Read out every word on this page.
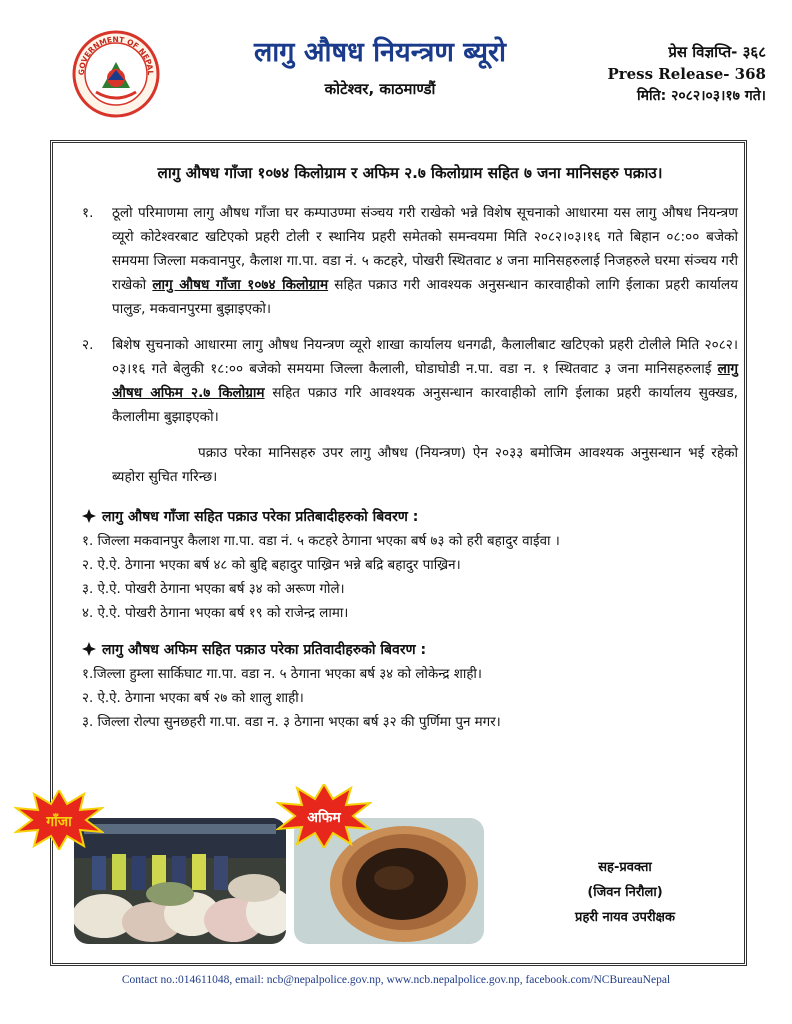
GOVERNMENT OF NEPAL
लागु औषध नियन्त्रण ब्यूरो
कोटेश्वर, काठमाण्डौं
प्रेस विज्ञप्ति- ३६८
Press Release- 368
मिति: २०८२।०३।१७ गते।
लागु औषध गाँजा १०७४ किलोग्राम र अफिम २.७ किलोग्राम सहित ७ जना मानिसहरु पक्राउ।
१.	ठूलो परिमाणमा लागु औषध गाँजा घर कम्पाउण्मा संञ्चय गरी राखेको भन्ने विशेष सूचनाको आधारमा यस लागु औषध नियन्त्रण व्यूरो कोटेश्वरबाट खटिएको प्रहरी टोली र स्थानिय प्रहरी समेतको समन्वयमा मिति २०८२।०३।१६ गते बिहान ०८:०० बजेको समयमा जिल्ला मकवानपुर, कैलाश गा.पा. वडा नं. ५ कटहरे, पोखरी स्थितवाट ४ जना मानिसहरुलाई निजहरुले घरमा संञ्चय गरी राखेको लागु औषध गाँजा १०७४ किलोग्राम सहित पक्राउ गरी आवश्यक अनुसन्धान कारवाहीको लागि ईलाका प्रहरी कार्यालय पालुङ, मकवानपुरमा बुझाइएको।
२.	बिशेष सुचनाको आधारमा लागु औषध नियन्त्रण व्यूरो शाखा कार्यालय धनगढी, कैलालीबाट खटिएको प्रहरी टोलीले मिति २०८२।०३।१६ गते बेलुकी १८:०० बजेको समयमा जिल्ला कैलाली, घोडाघोडी न.पा. वडा न. १ स्थितवाट ३ जना मानिसहरुलाई लागु औषध अफिम २.७ किलोग्राम सहित पक्राउ गरि आवश्यक अनुसन्धान कारवाहीको लागि ईलाका प्रहरी कार्यालय सुक्खड, कैलालीमा बुझाइएको।
पक्राउ परेका मानिसहरु उपर लागु औषध (नियन्त्रण) ऐन २०३३ बमोजिम आवश्यक अनुसन्धान भई रहेको ब्यहोरा सुचित गरिन्छ।
लागु औषध गाँजा सहित पक्राउ परेका प्रतिबादीहरुको बिवरण :
१. जिल्ला मकवानपुर कैलाश गा.पा. वडा नं. ५ कटहरे ठेगाना भएका बर्ष ७३ को हरी बहादुर वाईवा ।
२. ऐ.ऐ. ठेगाना भएका बर्ष ४८ को बुद्दि बहादुर पाख्रिन भन्ने बद्रि बहादुर पाख्रिन।
३. ऐ.ऐ. पोखरी ठेगाना भएका बर्ष ३४ को अरूण गोले।
४. ऐ.ऐ. पोखरी ठेगाना भएका बर्ष १९ को राजेन्द्र लामा।
लागु औषध अफिम सहित पक्राउ परेका प्रतिवादीहरुको बिवरण :
१.जिल्ला हुम्ला सार्किघाट गा.पा. वडा न. ५ ठेगाना भएका बर्ष ३४ को लोकेन्द्र शाही।
२. ऐ.ऐ. ठेगाना भएका बर्ष २७ को शालु शाही।
३. जिल्ला रोल्पा सुनछहरी गा.पा. वडा न. ३ ठेगाना भएका बर्ष ३२ की पुर्णिमा पुन मगर।
गाँजा	अफिम
सह-प्रवक्ता
(जिवन निरौला)
प्रहरी नायव उपरीक्षक
Contact no.:014611048, email: ncb@nepalpolice.gov.np, www.ncb.nepalpolice.gov.np, facebook.com/NCBureauNepal
